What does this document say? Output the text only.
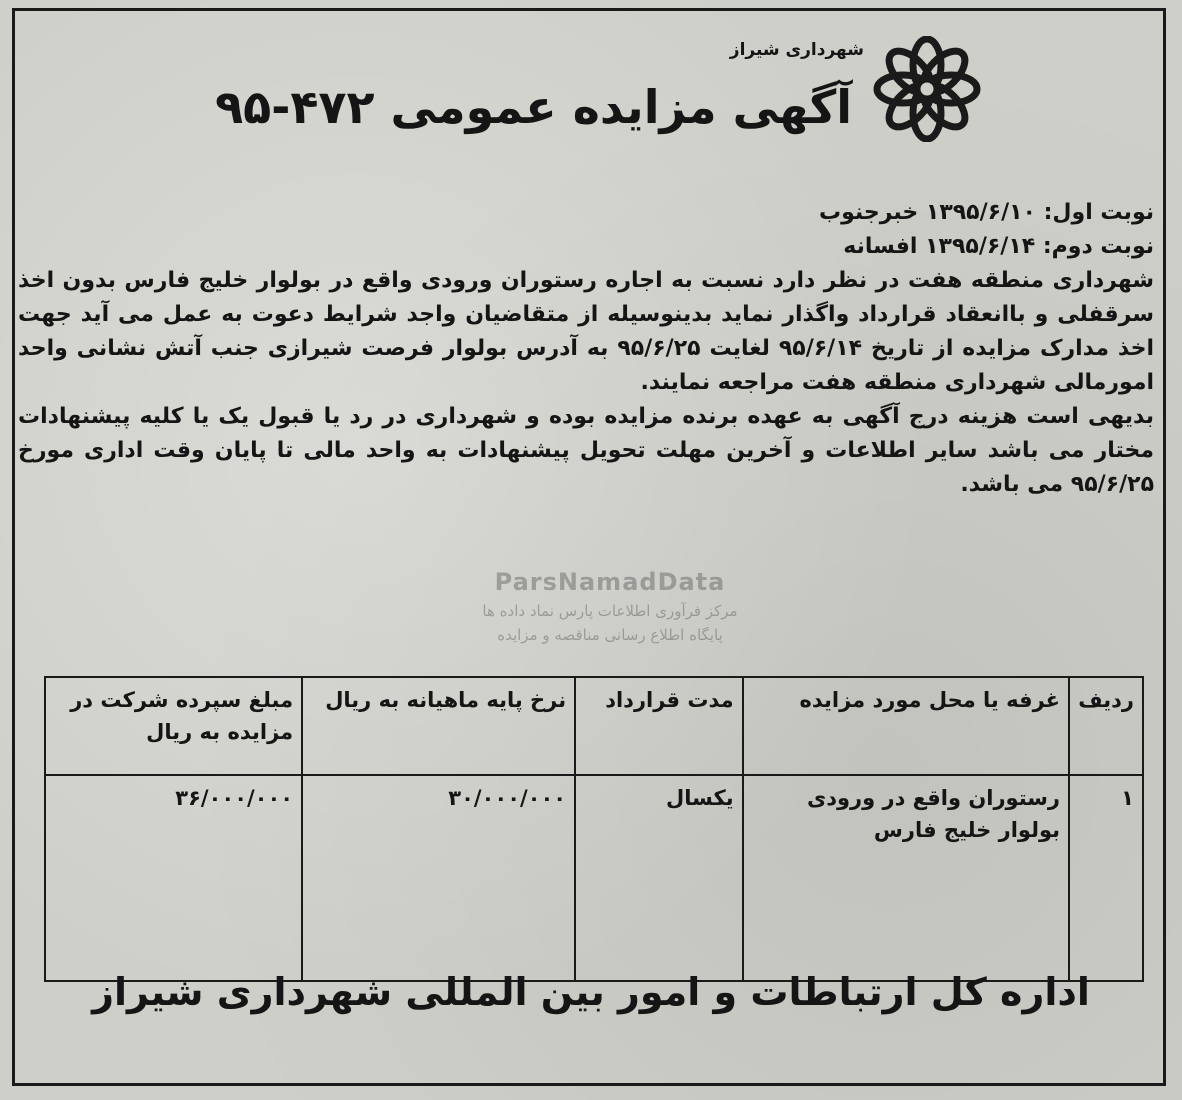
شهرداری شیراز
آگهی مزایده عمومی ۴۷۲-۹۵

نوبت اول: ۱۳۹۵/۶/۱۰ خبرجنوب

نوبت دوم: ۱۳۹۵/۶/۱۴ افسانه

شهرداری منطقه هفت در نظر دارد نسبت به اجاره رستوران ورودی واقع در بولوار خلیج فارس بدون اخذ سرقفلی و باانعقاد قرارداد واگذار نماید بدینوسیله از متقاضیان واجد شرایط دعوت به عمل می آید جهت اخذ مدارک مزایده از تاریخ ۹۵/۶/۱۴ لغایت ۹۵/۶/۲۵ به آدرس بولوار فرصت شیرازی جنب آتش نشانی واحد امورمالی شهرداری منطقه هفت مراجعه نمایند.

بدیهی است هزینه درج آگهی به عهده برنده مزایده بوده و شهرداری در رد یا قبول یک یا کلیه پیشنهادات مختار می باشد سایر اطلاعات و آخرین مهلت تحویل پیشنهادات به واحد مالی تا پایان وقت اداری مورخ ۹۵/۶/۲۵ می باشد.

ParsNamadData
مرکز فرآوری اطلاعات پارس نماد داده ها
پایگاه اطلاع رسانی مناقصه و مزایده
ردیف	غرفه یا محل مورد مزایده	مدت قرارداد	نرخ پایه ماهیانه به ریال	مبلغ سپرده شرکت در مزایده به ریال
۱	رستوران واقع در ورودی بولوار خلیج فارس	یکسال	۳۰/۰۰۰/۰۰۰	۳۶/۰۰۰/۰۰۰
اداره کل ارتباطات و امور بین المللی شهرداری شیراز
